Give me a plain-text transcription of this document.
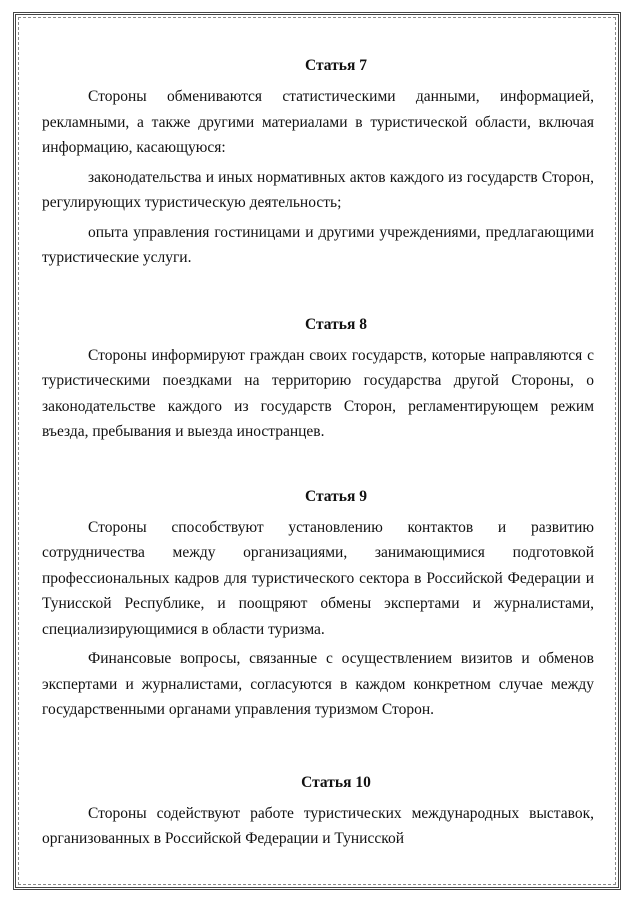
Статья 7

Стороны обмениваются статистическими данными, информацией, рекламными, а также другими материалами в туристической области, включая информацию, касающуюся:

законодательства и иных нормативных актов каждого из государств Сторон, регулирующих туристическую деятельность;

опыта управления гостиницами и другими учреждениями, предлагающими туристические услуги.

Статья 8

Стороны информируют граждан своих государств, которые направляются с туристическими поездками на территорию государства другой Стороны, о законодательстве каждого из государств Сторон, регламентирующем режим въезда, пребывания и выезда иностранцев.

Статья 9

Стороны способствуют установлению контактов и развитию сотрудничества между организациями, занимающимися подготовкой профессиональных кадров для туристического сектора в Российской Федерации и Тунисской Республике, и поощряют обмены экспертами и журналистами, специализирующимися в области туризма.

Финансовые вопросы, связанные с осуществлением визитов и обменов экспертами и журналистами, согласуются в каждом конкретном случае между государственными органами управления туризмом Сторон.

Статья 10

Стороны содействуют работе туристических международных выставок, организованных в Российской Федерации и Тунисской
